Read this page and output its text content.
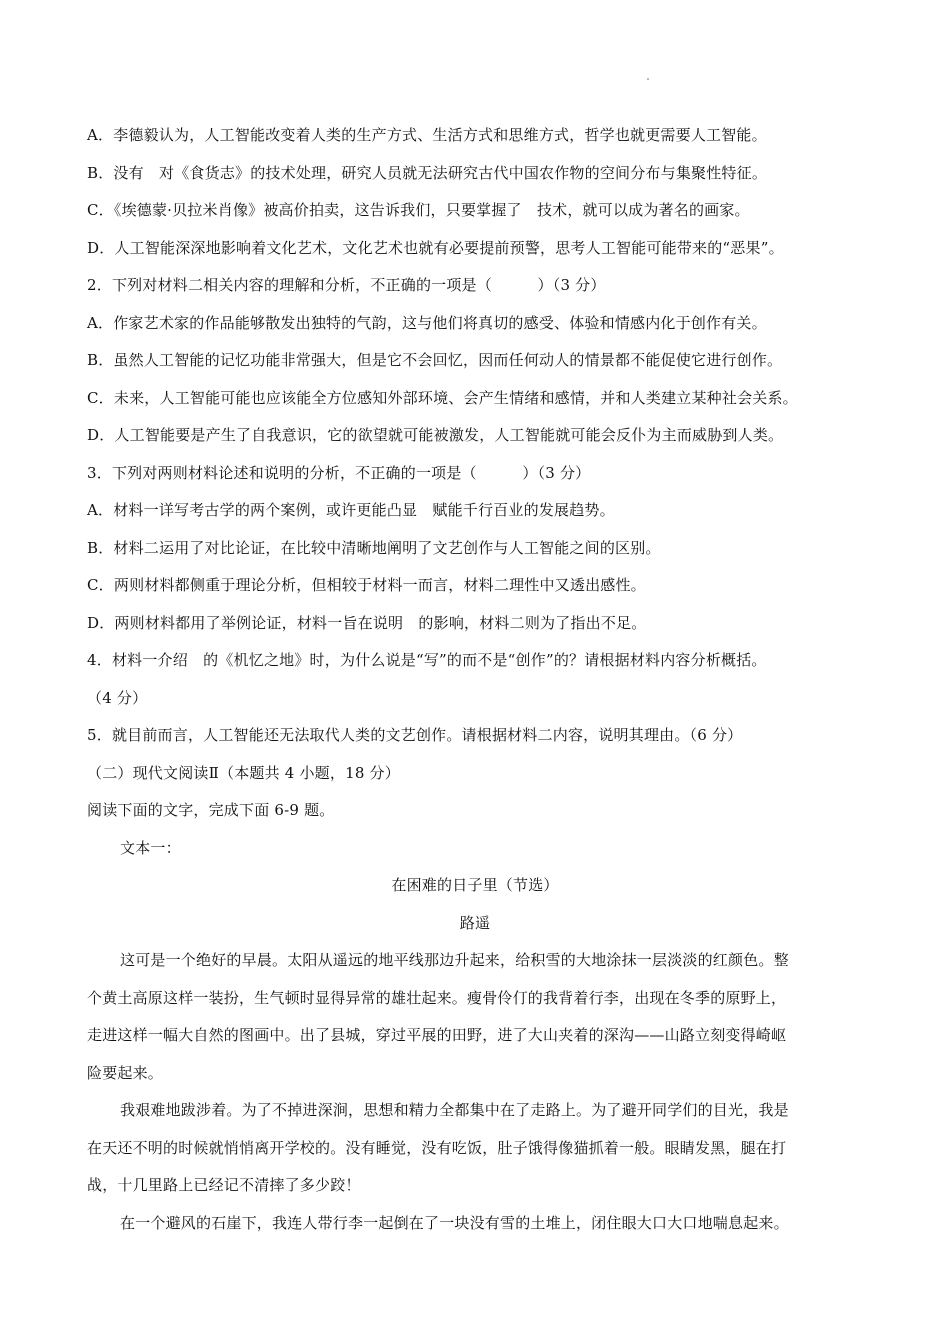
A．李德毅认为，人工智能改变着人类的生产方式、生活方式和思维方式，哲学也就更需要人工智能。
B．没有　对《食货志》的技术处理，研究人员就无法研究古代中国农作物的空间分布与集聚性特征。
C．《埃德蒙·贝拉米肖像》被高价拍卖，这告诉我们，只要掌握了　技术，就可以成为著名的画家。
D．人工智能深深地影响着文化艺术，文化艺术也就有必要提前预警，思考人工智能可能带来的“恶果”。
2．下列对材料二相关内容的理解和分析，不正确的一项是（　　　）（3 分）
A．作家艺术家的作品能够散发出独特的气韵，这与他们将真切的感受、体验和情感内化于创作有关。
B．虽然人工智能的记忆功能非常强大，但是它不会回忆，因而任何动人的情景都不能促使它进行创作。
C．未来，人工智能可能也应该能全方位感知外部环境、会产生情绪和感情，并和人类建立某种社会关系。
D．人工智能要是产生了自我意识，它的欲望就可能被激发，人工智能就可能会反仆为主而威胁到人类。
3．下列对两则材料论述和说明的分析，不正确的一项是（　　　）（3 分）
A．材料一详写考古学的两个案例，或许更能凸显　赋能千行百业的发展趋势。
B．材料二运用了对比论证，在比较中清晰地阐明了文艺创作与人工智能之间的区别。
C．两则材料都侧重于理论分析，但相较于材料一而言，材料二理性中又透出感性。
D．两则材料都用了举例论证，材料一旨在说明　的影响，材料二则为了指出不足。
4．材料一介绍　的《机忆之地》时，为什么说是“写”的而不是“创作”的？请根据材料内容分析概括。
（4 分）
5．就目前而言，人工智能还无法取代人类的文艺创作。请根据材料二内容，说明其理由。（6 分）
（二）现代文阅读Ⅱ（本题共 4 小题，18 分）
阅读下面的文字，完成下面 6-9 题。
文本一：
在困难的日子里（节选）
路遥
这可是一个绝好的早晨。太阳从遥远的地平线那边升起来，给积雪的大地涂抹一层淡淡的红颜色。整
个黄土高原这样一装扮，生气顿时显得异常的雄壮起来。瘦骨伶仃的我背着行李，出现在冬季的原野上，
走进这样一幅大自然的图画中。出了县城，穿过平展的田野，进了大山夹着的深沟——山路立刻变得崎岖
险要起来。
我艰难地跋涉着。为了不掉进深涧，思想和精力全都集中在了走路上。为了避开同学们的目光，我是
在天还不明的时候就悄悄离开学校的。没有睡觉，没有吃饭，肚子饿得像猫抓着一般。眼睛发黑，腿在打
战，十几里路上已经记不清摔了多少跤！
在一个避风的石崖下，我连人带行李一起倒在了一块没有雪的土堆上，闭住眼大口大口地喘息起来。
